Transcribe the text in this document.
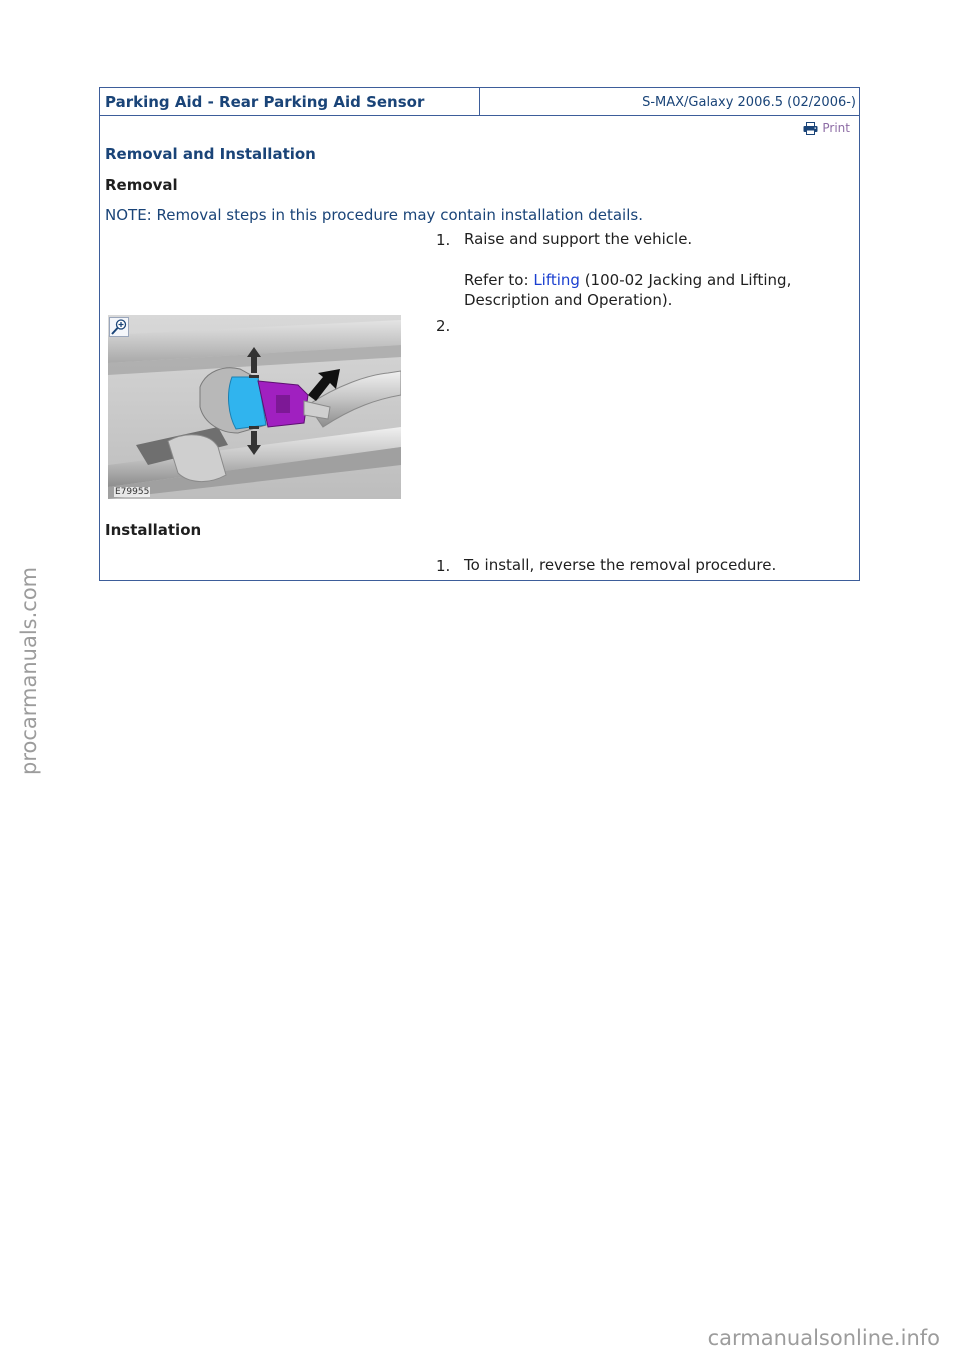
Parking Aid - Rear Parking Aid Sensor	S-MAX/Galaxy 2006.5 (02/2006-)
Print
Removal and Installation
Removal
NOTE: Removal steps in this procedure may contain installation details.
1. Raise and support the vehicle.
Refer to: Lifting (100-02 Jacking and Lifting,
Description and Operation).
2.
E79955
Installation
1. To install, reverse the removal procedure.
procarmanuals.com
carmanualsonline.info
